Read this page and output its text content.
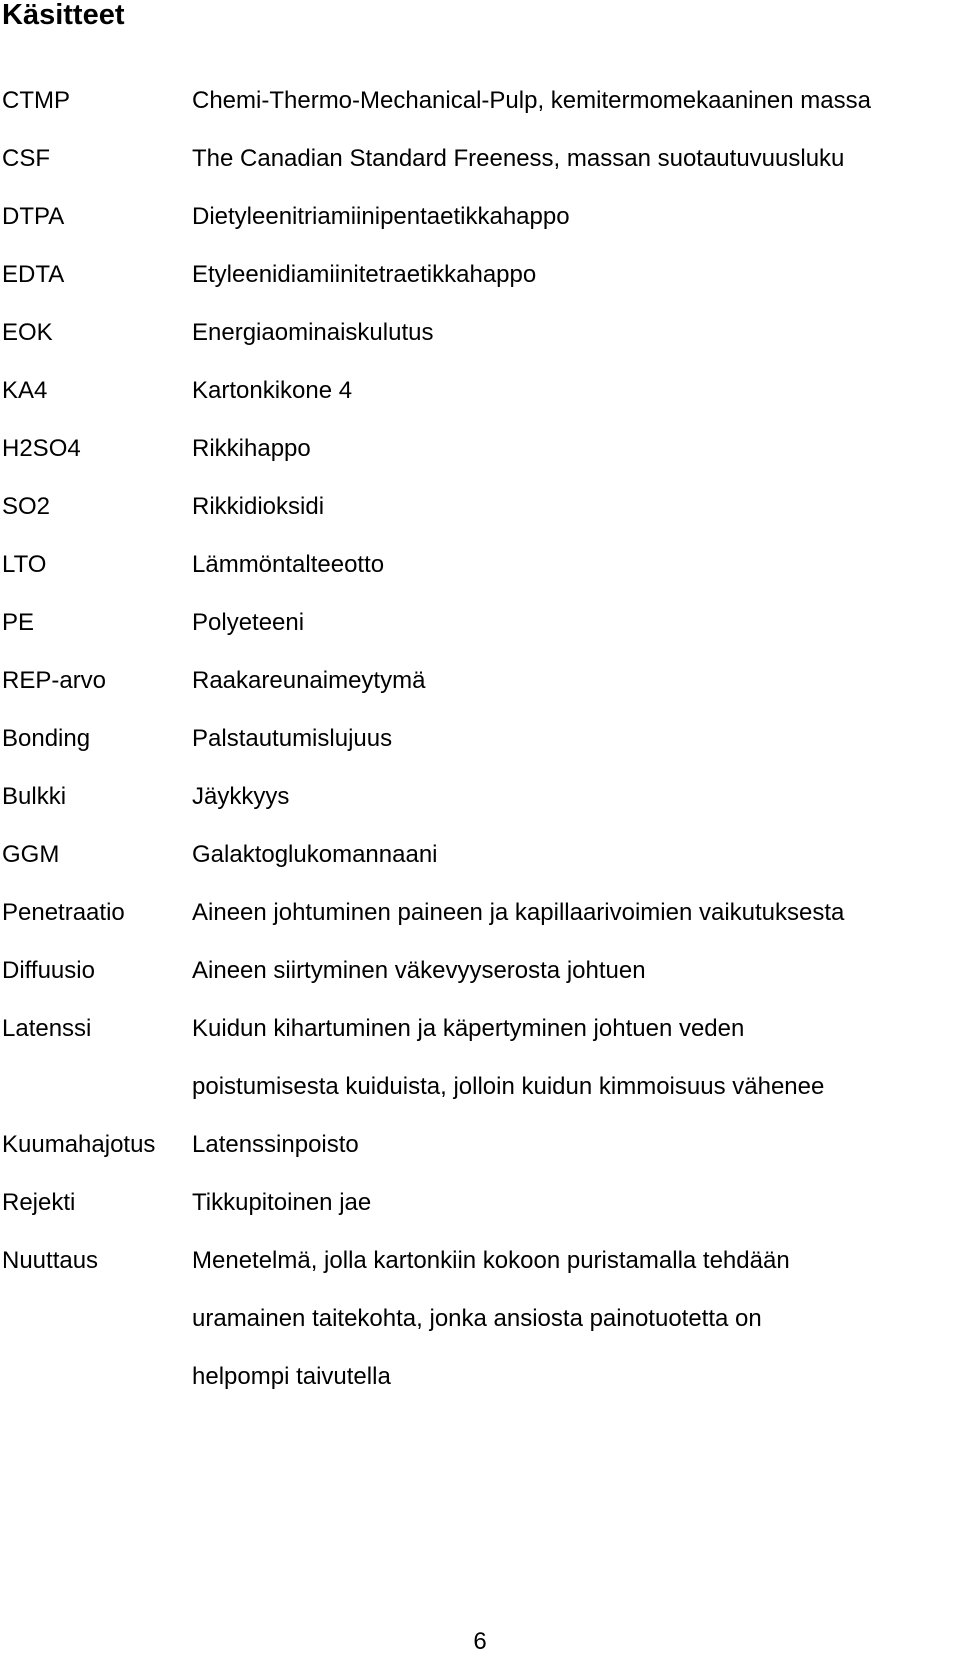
Käsitteet
CTMP	Chemi-Thermo-Mechanical-Pulp, kemitermomekaaninen massa
CSF	The Canadian Standard Freeness, massan suotautuvuusluku
DTPA	Dietyleenitriamiinipentaetikkahappo
EDTA	Etyleenidiamiinitetraetikkahappo
EOK	Energiaominaiskulutus
KA4	Kartonkikone 4
H2SO4	Rikkihappo
SO2	Rikkidioksidi
LTO	Lämmöntalteeotto
PE	Polyeteeni
REP-arvo	Raakareunaimeytymä
Bonding	Palstautumislujuus
Bulkki	Jäykkyys
GGM	Galaktoglukomannaani
Penetraatio	Aineen johtuminen paineen ja kapillaarivoimien vaikutuksesta
Diffuusio	Aineen siirtyminen väkevyyserosta johtuen
Latenssi	Kuidun kihartuminen ja käpertyminen johtuen veden
poistumisesta kuiduista, jolloin kuidun kimmoisuus vähenee
Kuumahajotus Latenssinpoisto
Rejekti	Tikkupitoinen jae
Nuuttaus	Menetelmä, jolla kartonkiin kokoon puristamalla tehdään
uramainen taitekohta, jonka ansiosta painotuotetta on
helpompi taivutella
6
